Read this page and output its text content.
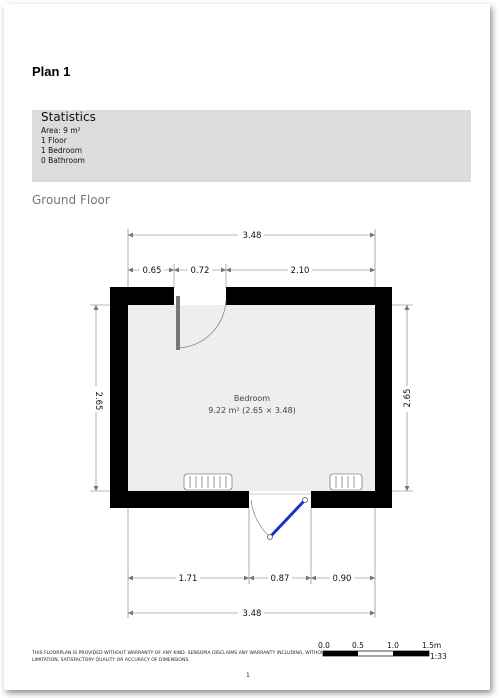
Plan 1
Statistics
Area: 9 m²
1 Floor
1 Bedroom
0 Bathroom
Ground Floor
Bedroom
9.22 m² (2.65 × 3.48)
3.48
0.65	0.72	2.10
2.65	2.65
1.71	0.87	0.90
3.48
0.0	0.5	1.0	1.5m
1:33
THIS FLOORPLAN IS PROVIDED WITHOUT WARRANTY OF ANY KIND. SENSOPIA DISCLAIMS ANY WARRANTY INCLUDING, WITHOUT LIMITATION, SATISFACTORY QUALITY OR ACCURACY OF DIMENSIONS.
1
